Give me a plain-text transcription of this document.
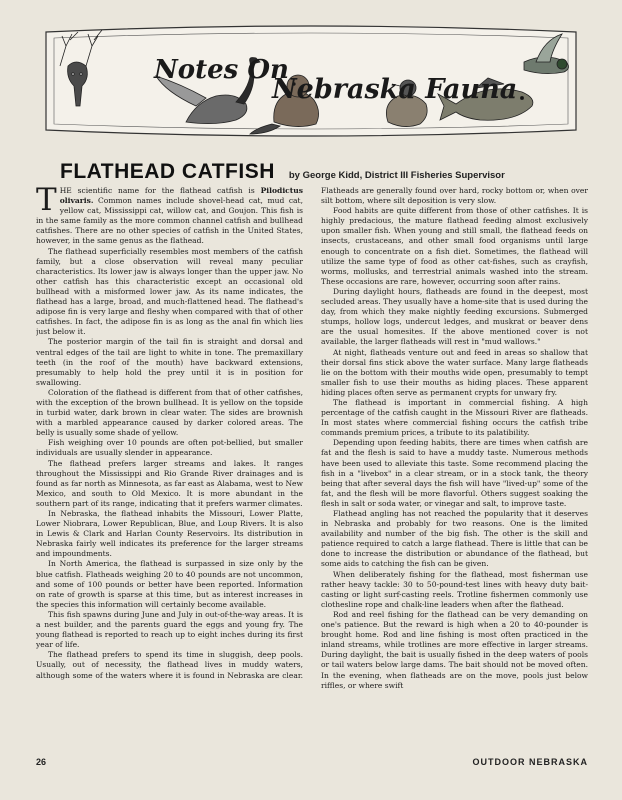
Notes On
Nebraska Fauna
FLATHEAD CATFISH by George Kidd, District III Fisheries Supervisor

THE scientific name for the flathead catfish is Pilodictus olivaris. Common names include shovel-head cat, mud cat, yellow cat, Mississippi cat, willow cat, and Goujon. This fish is in the same family as the more common channel catfish and bullhead catfishes. There are no other species of catfish in the United States, however, in the same genus as the flathead.

The flathead superficially resembles most members of the catfish family, but a close observation will reveal many peculiar characteristics. Its lower jaw is always longer than the upper jaw. No other catfish has this characteristic except an occasional old bullhead with a misformed lower jaw. As its name indicates, the flathead has a large, broad, and much-flattened head. The flathead's adipose fin is very large and fleshy when compared with that of other catfishes. In fact, the adipose fin is as long as the anal fin which lies just below it.

The posterior margin of the tail fin is straight and dorsal and ventral edges of the tail are light to white in tone. The premaxillary teeth (in the roof of the mouth) have backward extensions, presumably to help hold the prey until it is in position for swallowing.

Coloration of the flathead is different from that of other catfishes, with the exception of the brown bullhead. It is yellow on the topside in turbid water, dark brown in clear water. The sides are brownish with a marbled appearance caused by darker colored areas. The belly is usually some shade of yellow.

Fish weighing over 10 pounds are often pot-bellied, but smaller individuals are usually slender in appearance.

The flathead prefers larger streams and lakes. It ranges throughout the Mississippi and Rio Grande River drainages and is found as far north as Minnesota, as far east as Alabama, west to New Mexico, and south to Old Mexico. It is more abundant in the southern part of its range, indicating that it prefers warmer climates.

In Nebraska, the flathead inhabits the Missouri, Lower Platte, Lower Niobrara, Lower Republican, Blue, and Loup Rivers. It is also in Lewis & Clark and Harlan County Reservoirs. Its distribution in Nebraska fairly well indicates its preference for the larger streams and impoundments.

In North America, the flathead is surpassed in size only by the blue catfish. Flatheads weighing 20 to 40 pounds are not uncommon, and some of 100 pounds or better have been reported. Information on rate of growth is sparse at this time, but as interest increases in the species this information will certainly become available.

This fish spawns during June and July in out-of-the-way areas. It is a nest builder, and the parents guard the eggs and young fry. The young flathead is reported to reach up to eight inches during its first year of life.

The flathead prefers to spend its time in sluggish, deep pools. Usually, out of necessity, the flathead lives in muddy waters, although some of the waters where it is found in Nebraska are clear. Flatheads are generally found over hard, rocky bottom or, when over silt bottom, where silt deposition is very slow.

Food habits are quite different from those of other catfishes. It is highly predacious, the mature flathead feeding almost exclusively upon smaller fish. When young and still small, the flathead feeds on insects, crustaceans, and other small food organisms until large enough to concentrate on a fish diet. Sometimes, the flathead will utilize the same type of food as other cat-fishes, such as crayfish, worms, mollusks, and terrestrial animals washed into the stream. These occasions are rare, however, occurring soon after rains.

During daylight hours, flatheads are found in the deepest, most secluded areas. They usually have a home-site that is used during the day, from which they make nightly feeding excursions. Submerged stumps, hollow logs, undercut ledges, and muskrat or beaver dens are the usual homesites. If the above mentioned cover is not available, the larger flatheads will rest in "mud wallows."

At night, flatheads venture out and feed in areas so shallow that their dorsal fins stick above the water surface. Many large flatheads lie on the bottom with their mouths wide open, presumably to tempt smaller fish to use their mouths as hiding places. These apparent hiding places often serve as permanent crypts for unwary fry.

The flathead is important in commercial fishing. A high percentage of the catfish caught in the Missouri River are flatheads. In most states where commercial fishing occurs the catfish tribe commands premium prices, a tribute to its palatibility.

Depending upon feeding habits, there are times when catfish are fat and the flesh is said to have a muddy taste. Numerous methods have been used to alleviate this taste. Some recommend placing the fish in a "livebox" in a clear stream, or in a stock tank, the theory being that after several days the fish will have "lived-up" some of the fat, and the flesh will be more flavorful. Others suggest soaking the flesh in salt or soda water, or vinegar and salt, to improve taste.

Flathead angling has not reached the popularity that it deserves in Nebraska and probably for two reasons. One is the limited availability and number of the big fish. The other is the skill and patience required to catch a large flathead. There is little that can be done to increase the distribution or abundance of the flathead, but some aids to catching the fish can be given.

When deliberately fishing for the flathead, most fisherman use rather heavy tackle: 30 to 50-pound-test lines with heavy duty bait-casting or light surf-casting reels. Trotline fishermen commonly use clothesline rope and chalk-line leaders when after the flathead.

Rod and reel fishing for the flathead can be very demanding on one's patience. But the reward is high when a 20 to 40-pounder is brought home. Rod and line fishing is most often practiced in the inland streams, while trotlines are more effective in larger streams. During daylight, the bait is usually fished in the deep waters of pools or tail waters below large dams. The bait should not be moved often. In the evening, when flatheads are on the move, pools just below riffles, or where swift

26	OUTDOOR NEBRASKA
